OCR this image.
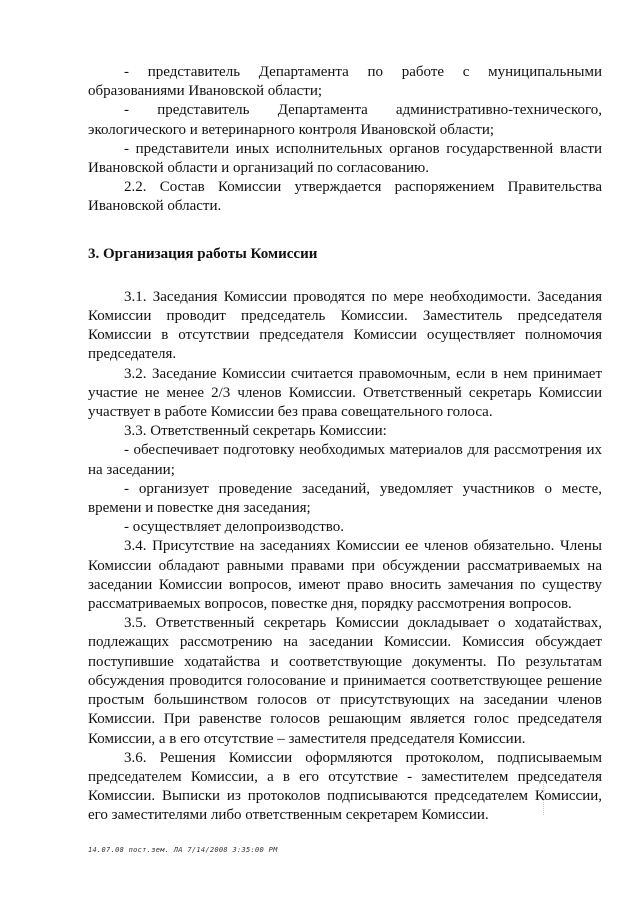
- представитель Департамента по работе с муниципальными образованиями Ивановской области;

- представитель Департамента административно-технического, экологического и ветеринарного контроля Ивановской области;

- представители иных исполнительных органов государственной власти Ивановской области и организаций по согласованию.

2.2. Состав Комиссии утверждается распоряжением Правительства Ивановской области.

3. Организация работы Комиссии

3.1. Заседания Комиссии проводятся по мере необходимости. Заседания Комиссии проводит председатель Комиссии. Заместитель председателя Комиссии в отсутствии председателя Комиссии осуществляет полномочия председателя.

3.2. Заседание Комиссии считается правомочным, если в нем принимает участие не менее 2/3 членов Комиссии. Ответственный секретарь Комиссии участвует в работе Комиссии без права совещательного голоса.

3.3. Ответственный секретарь Комиссии:

- обеспечивает подготовку необходимых материалов для рассмотрения их на заседании;

- организует проведение заседаний, уведомляет участников о месте, времени и повестке дня заседания;

- осуществляет делопроизводство.

3.4. Присутствие на заседаниях Комиссии ее членов обязательно. Члены Комиссии обладают равными правами при обсуждении рассматриваемых на заседании Комиссии вопросов, имеют право вносить замечания по существу рассматриваемых вопросов, повестке дня, порядку рассмотрения вопросов.

3.5. Ответственный секретарь Комиссии докладывает о ходатайствах, подлежащих рассмотрению на заседании Комиссии. Комиссия обсуждает поступившие ходатайства и соответствующие документы. По результатам обсуждения проводится голосование и принимается соответствующее решение простым большинством голосов от присутствующих на заседании членов Комиссии. При равенстве голосов решающим является голос председателя Комиссии, а в его отсутствие – заместителя председателя Комиссии.

3.6. Решения Комиссии оформляются протоколом, подписываемым председателем Комиссии, а в его отсутствие - заместителем председателя Комиссии. Выписки из протоколов подписываются председателем Комиссии, его заместителями либо ответственным секретарем Комиссии.

14.07.08 пост.зем. ЛА 7/14/2008 3:35:00 PM
